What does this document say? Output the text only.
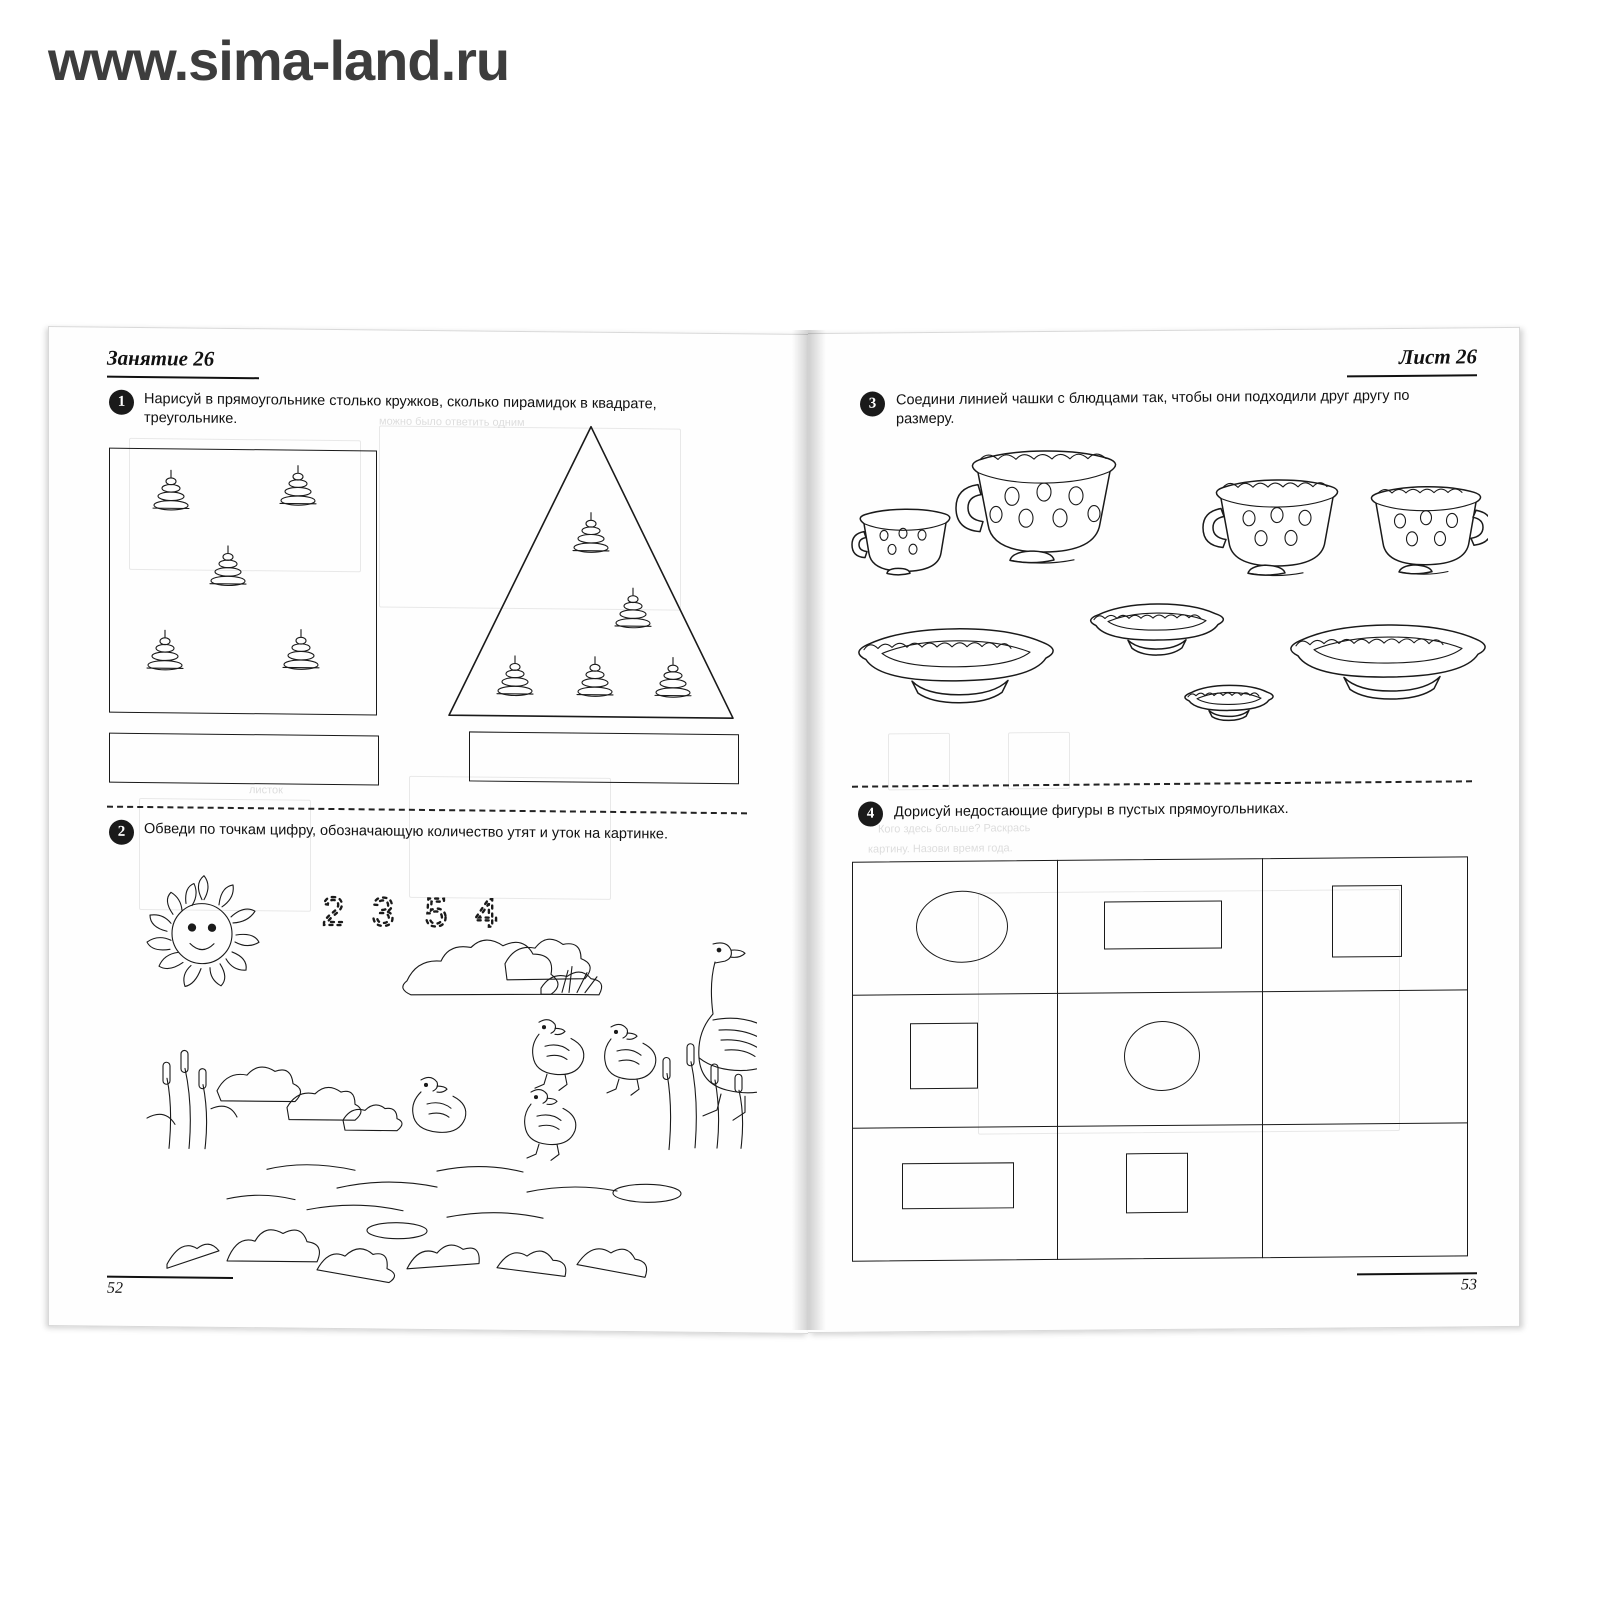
www.sima-land.ru
можно было ответить одним
листок
Занятие 26
1	Нарисуй в прямоугольнике столько кружков, сколько пирамидок в квадрате, треугольнике.
2	Обведи по точкам цифру, обозначающую количество утят и уток на картинке.
2 3 5 4
52
Кого здесь больше? Раскрась
картину. Назови время года.
Лист 26
3	Соедини линией чашки с блюдцами так, чтобы они подходили друг другу по размеру.
4	Дорисуй недостающие фигуры в пустых прямоугольниках.
53
